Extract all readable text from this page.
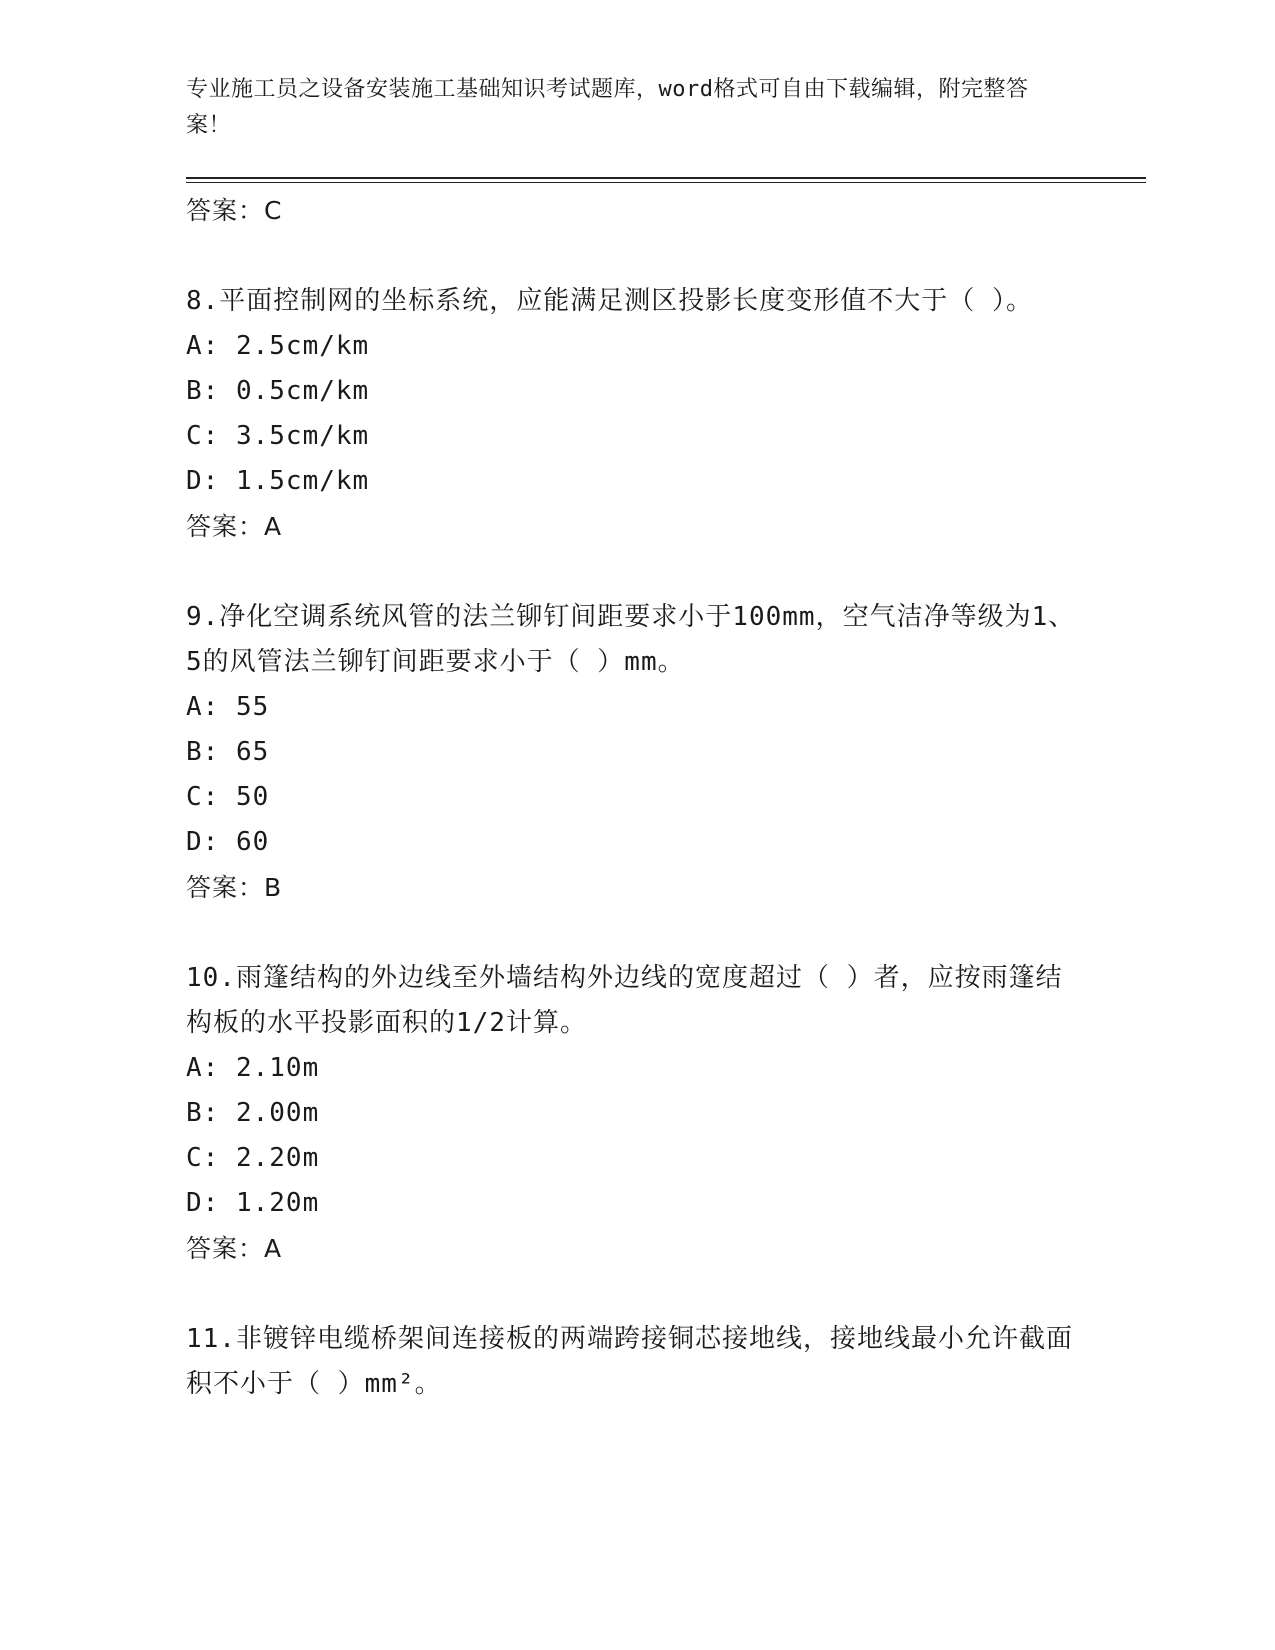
专业施工员之设备安装施工基础知识考试题库，word格式可自由下载编辑，附完整答案！
答案：C
8.平面控制网的坐标系统，应能满足测区投影长度变形值不大于（ ）。
A: 2.5cm/km
B: 0.5cm/km
C: 3.5cm/km
D: 1.5cm/km
答案：A
9.净化空调系统风管的法兰铆钉间距要求小于100mm，空气洁净等级为1、5的风管法兰铆钉间距要求小于（ ）mm。
A: 55
B: 65
C: 50
D: 60
答案：B
10.雨篷结构的外边线至外墙结构外边线的宽度超过（ ）者，应按雨篷结构板的水平投影面积的1/2计算。
A: 2.10m
B: 2.00m
C: 2.20m
D: 1.20m
答案：A
11.非镀锌电缆桥架间连接板的两端跨接铜芯接地线，接地线最小允许截面积不小于（ ）mm²。
